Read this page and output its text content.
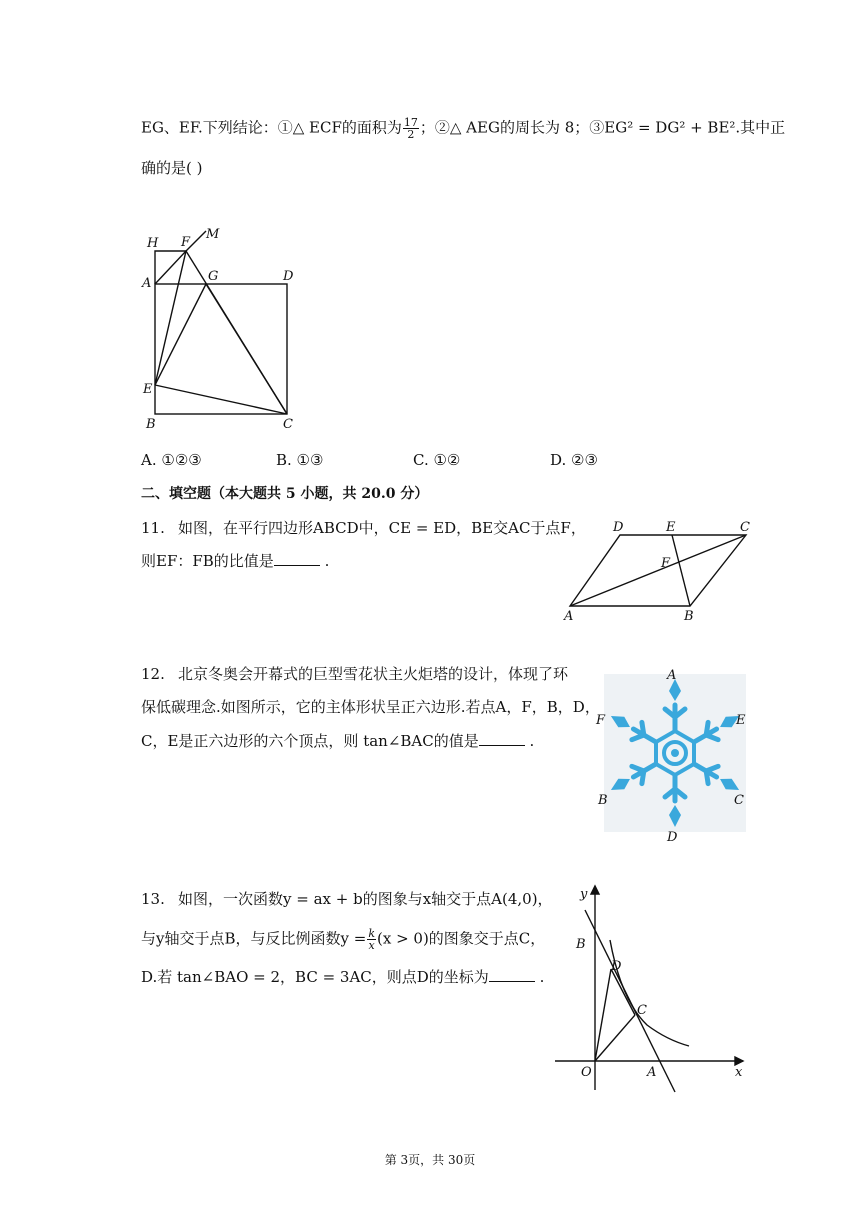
EG、EF.下列结论：①△ ECF的面积为 $\frac{17}{2}$ ；②△ AEG的周长为 8；③EG² = DG² + BE².其中正
确的是( )
H F
M
A	G	D
E
B	C
A. ①②③	B. ①③	C. ①②	D. ②③
二、填空题（本大题共 5 小题，共 20.0 分）
11. 如图，在平行四边形ABCD中，CE = ED，BE交AC于点F，
则EF：FB的比值是	.
D	E	C
F
A	B
12. 北京冬奥会开幕式的巨型雪花状主火炬塔的设计，体现了环
保低碳理念.如图所示，它的主体形状呈正六边形.若点A，F，B，D，
C，E是正六边形的六个顶点，则 tan∠BAC的值是	.
A
F	E
B	C
D
13. 如图，一次函数y = ax + b的图象与x轴交于点A(4,0)，
与y轴交于点B，与反比例函数$y = \frac{k}{x} (x > 0)$的图象交于点C，
D.若 tan∠BAO = 2，BC = 3AC，则点D的坐标为	.
y
B
D
C
O	A	x
第 3页，共 30页
